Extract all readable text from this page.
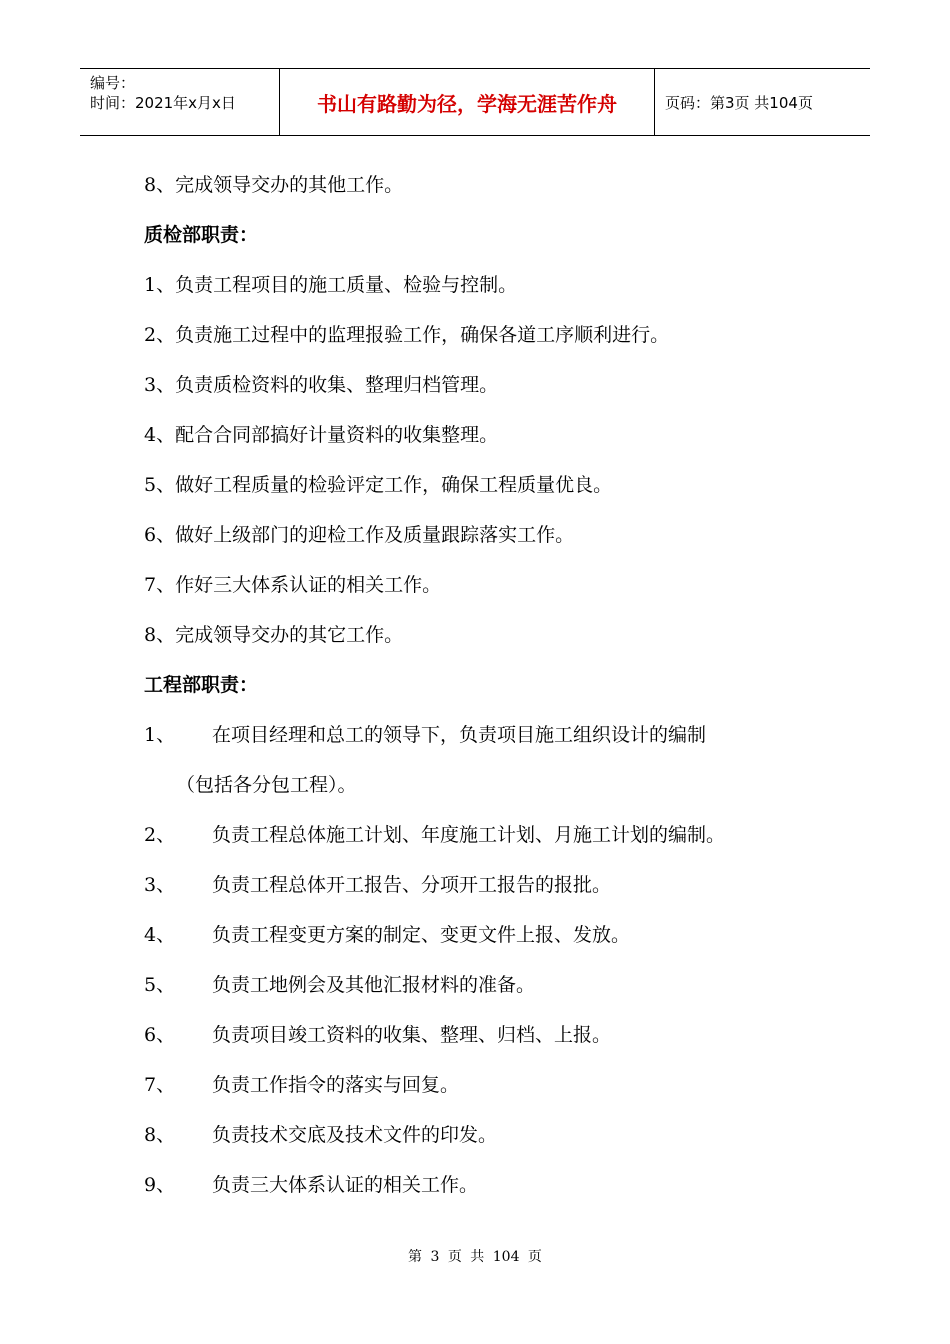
编号：
时间：2021年x月x日	书山有路勤为径，学海无涯苦作舟	页码：第3页 共104页
8、完成领导交办的其他工作。
质检部职责：
1、负责工程项目的施工质量、检验与控制。
2、负责施工过程中的监理报验工作，确保各道工序顺利进行。
3、负责质检资料的收集、整理归档管理。
4、配合合同部搞好计量资料的收集整理。
5、做好工程质量的检验评定工作，确保工程质量优良。
6、做好上级部门的迎检工作及质量跟踪落实工作。
7、作好三大体系认证的相关工作。
8、完成领导交办的其它工作。
工程部职责：
1、	在项目经理和总工的领导下，负责项目施工组织设计的编制
（包括各分包工程）。
2、	负责工程总体施工计划、年度施工计划、月施工计划的编制。
3、	负责工程总体开工报告、分项开工报告的报批。
4、	负责工程变更方案的制定、变更文件上报、发放。
5、	负责工地例会及其他汇报材料的准备。
6、	负责项目竣工资料的收集、整理、归档、上报。
7、	负责工作指令的落实与回复。
8、	负责技术交底及技术文件的印发。
9、	负责三大体系认证的相关工作。
第 3 页 共 104 页
